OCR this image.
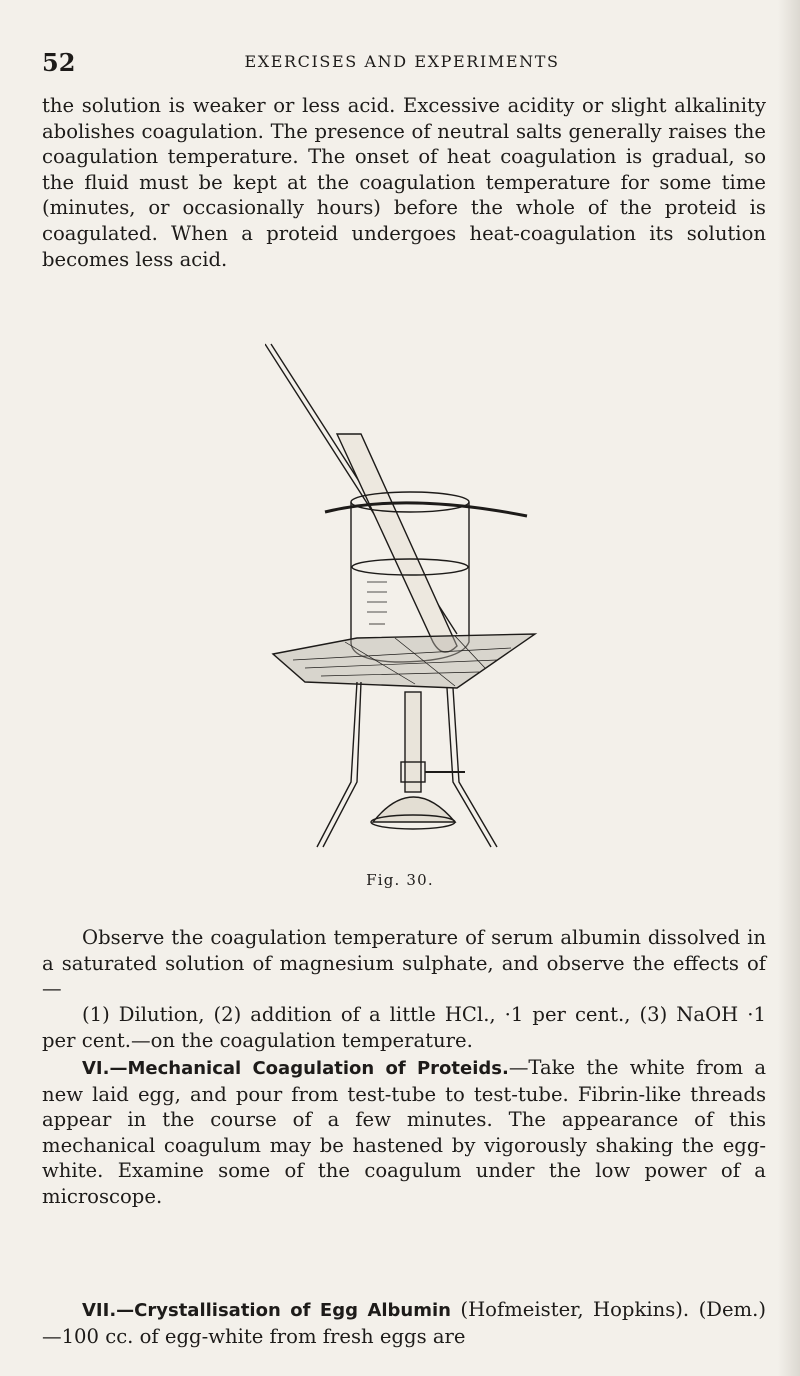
52	EXERCISES AND EXPERIMENTS
the solution is weaker or less acid. Excessive acidity or slight alkalinity abolishes coagulation. The presence of neutral salts generally raises the coagulation temperature. The onset of heat coagulation is gradual, so the fluid must be kept at the coagulation temperature for some time (minutes, or occasionally hours) before the whole of the proteid is coagulated. When a proteid undergoes heat-coagulation its solution becomes less acid.
Fig. 30.
Observe the coagulation temperature of serum albumin dissolved in a saturated solution of magnesium sulphate, and observe the effects of—
(1) Dilution, (2) addition of a little HCl., ·1 per cent., (3) NaOH ·1 per cent.—on the coagulation temperature.
VI.—Mechanical Coagulation of Proteids.—Take the white from a new laid egg, and pour from test-tube to test-tube. Fibrin-like threads appear in the course of a few minutes. The appearance of this mechanical coagulum may be hastened by vigorously shaking the egg-white. Examine some of the coagulum under the low power of a microscope.
VII.—Crystallisation of Egg Albumin (Hofmeister, Hopkins). (Dem.)—100 cc. of egg-white from fresh eggs are
